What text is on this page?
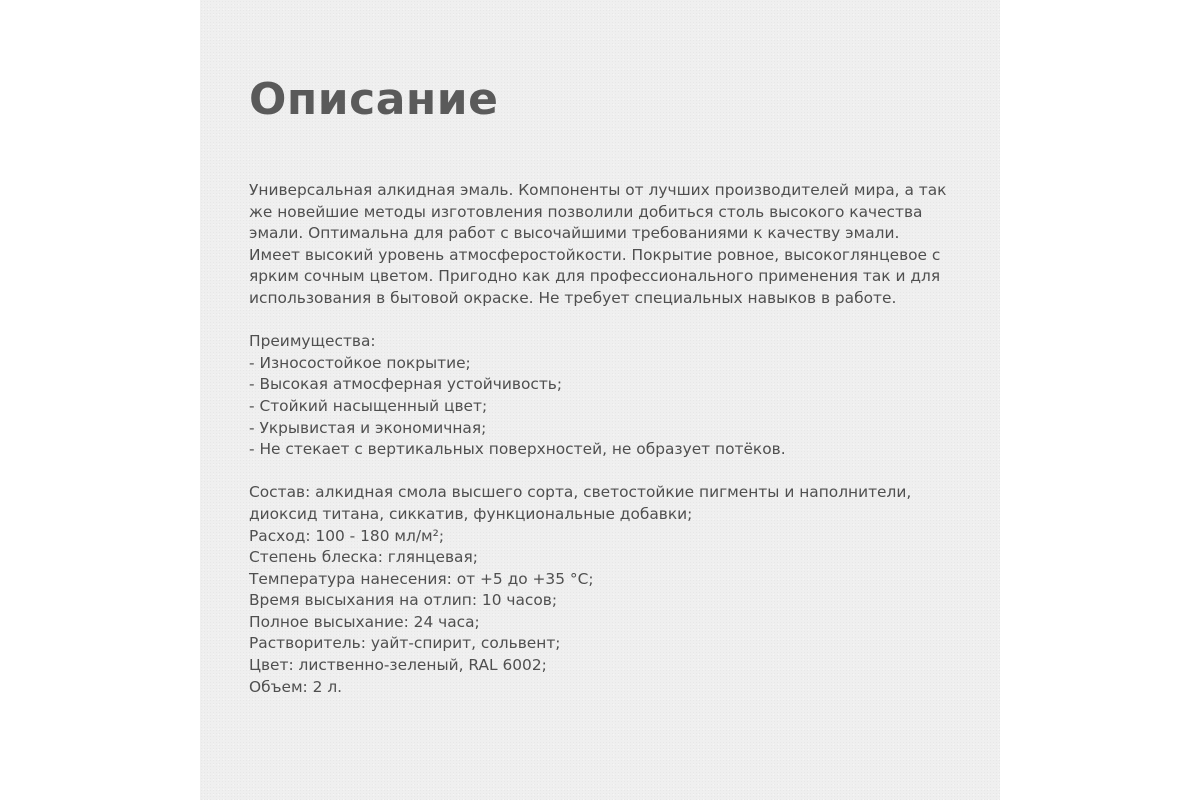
Описание
Универсальная алкидная эмаль. Компоненты от лучших производителей мира, а так
же новейшие методы изготовления позволили добиться столь высокого качества
эмали. Оптимальна для работ с высочайшими требованиями к качеству эмали.
Имеет высокий уровень атмосферостойкости. Покрытие ровное, высокоглянцевое с
ярким сочным цветом. Пригодно как для профессионального применения так и для
использования в бытовой окраске. Не требует специальных навыков в работе.
Преимущества:
- Износостойкое покрытие;
- Высокая атмосферная устойчивость;
- Стойкий насыщенный цвет;
- Укрывистая и экономичная;
- Не стекает с вертикальных поверхностей, не образует потёков.
Состав: алкидная смола высшего сорта, светостойкие пигменты и наполнители,
диоксид титана, сиккатив, функциональные добавки;
Расход: 100 - 180 мл/м²;
Степень блеска: глянцевая;
Температура нанесения: от +5 до +35 °С;
Время высыхания на отлип: 10 часов;
Полное высыхание: 24 часа;
Растворитель: уайт-спирит, сольвент;
Цвет: лиственно-зеленый, RAL 6002;
Объем: 2 л.
